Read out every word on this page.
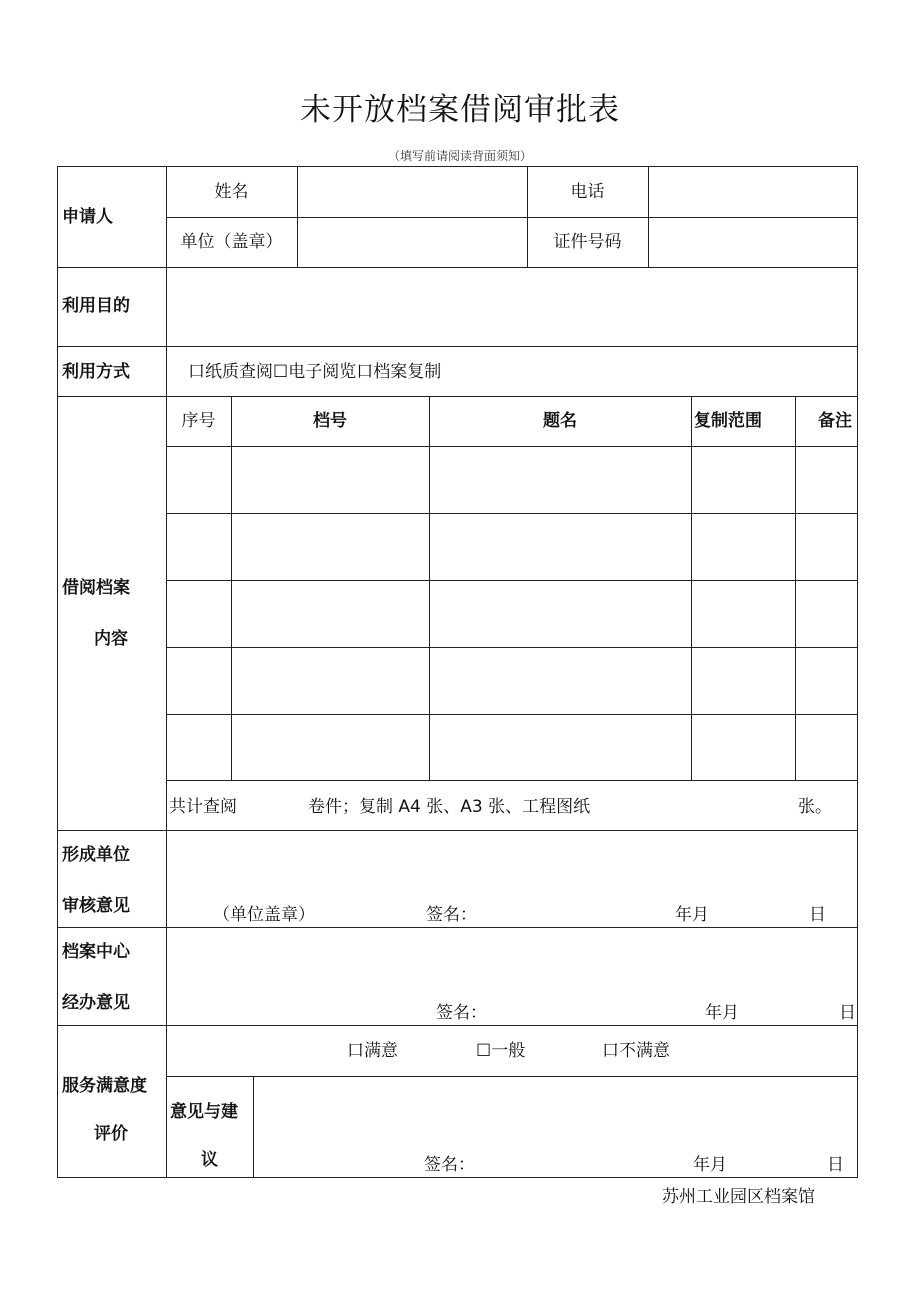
未开放档案借阅审批表
（填写前请阅读背面须知）
申请人
姓名	电话
单位（盖章）	证件号码
利用目的
利用方式	口纸质查阅☐电子阅览口档案复制
借阅档案
内容
序号	档号	题名	复制范围	备注
共计查阅	卷件；复制 A4 张、A3 张、工程图纸	张。
形成单位
审核意见	（单位盖章）	签名：	年月	日
档案中心
经办意见	签名：	年月	日
服务满意度
评价
口满意	☐一般	口不满意
意见与建
议	签名：	年月	日
苏州工业园区档案馆
